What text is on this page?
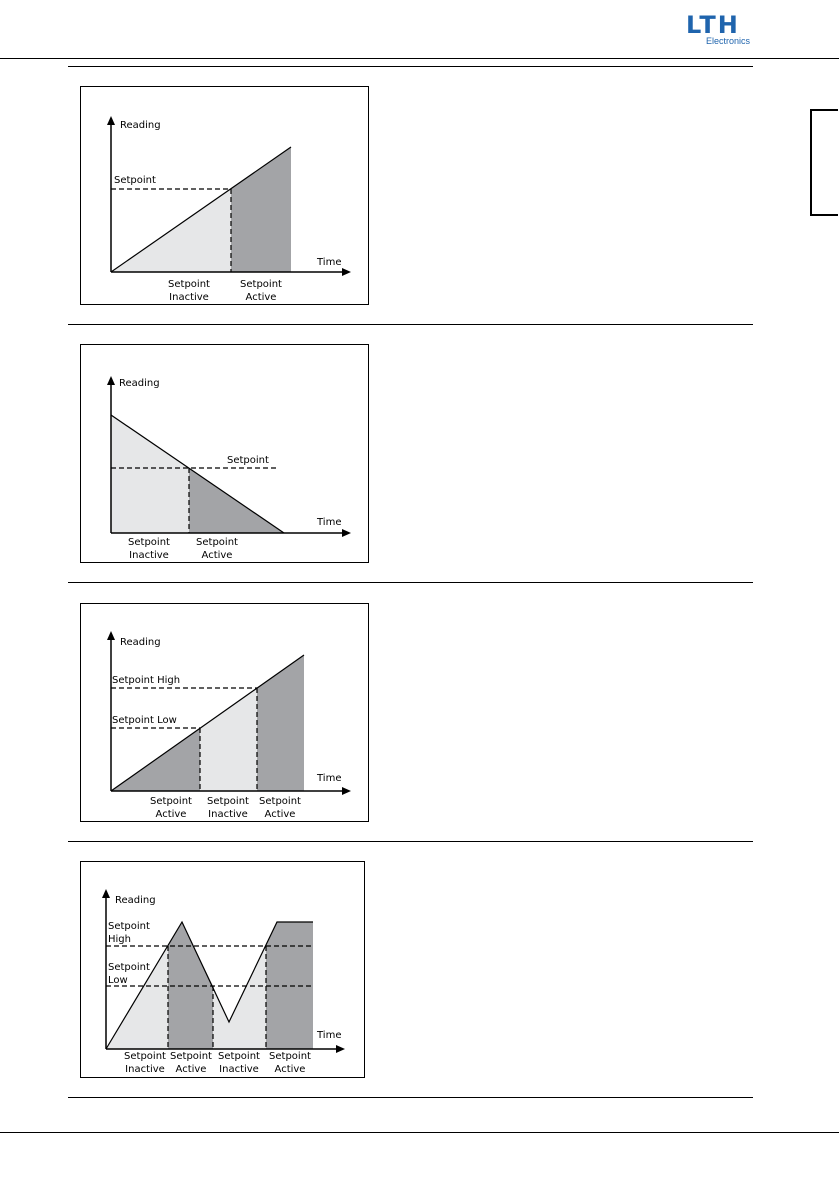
LTH
Electronics
Reading
Time
Setpoint
Setpoint
Inactive
Setpoint
Active
Reading
Time
Setpoint
Setpoint
Inactive
Setpoint
Active
Reading
Time
Setpoint High
Setpoint Low
Setpoint
Active
Setpoint
Inactive
Setpoint
Active
Reading
Time
Setpoint
High
Setpoint
Low
Setpoint
Inactive
Setpoint
Active
Setpoint
Inactive
Setpoint
Active
